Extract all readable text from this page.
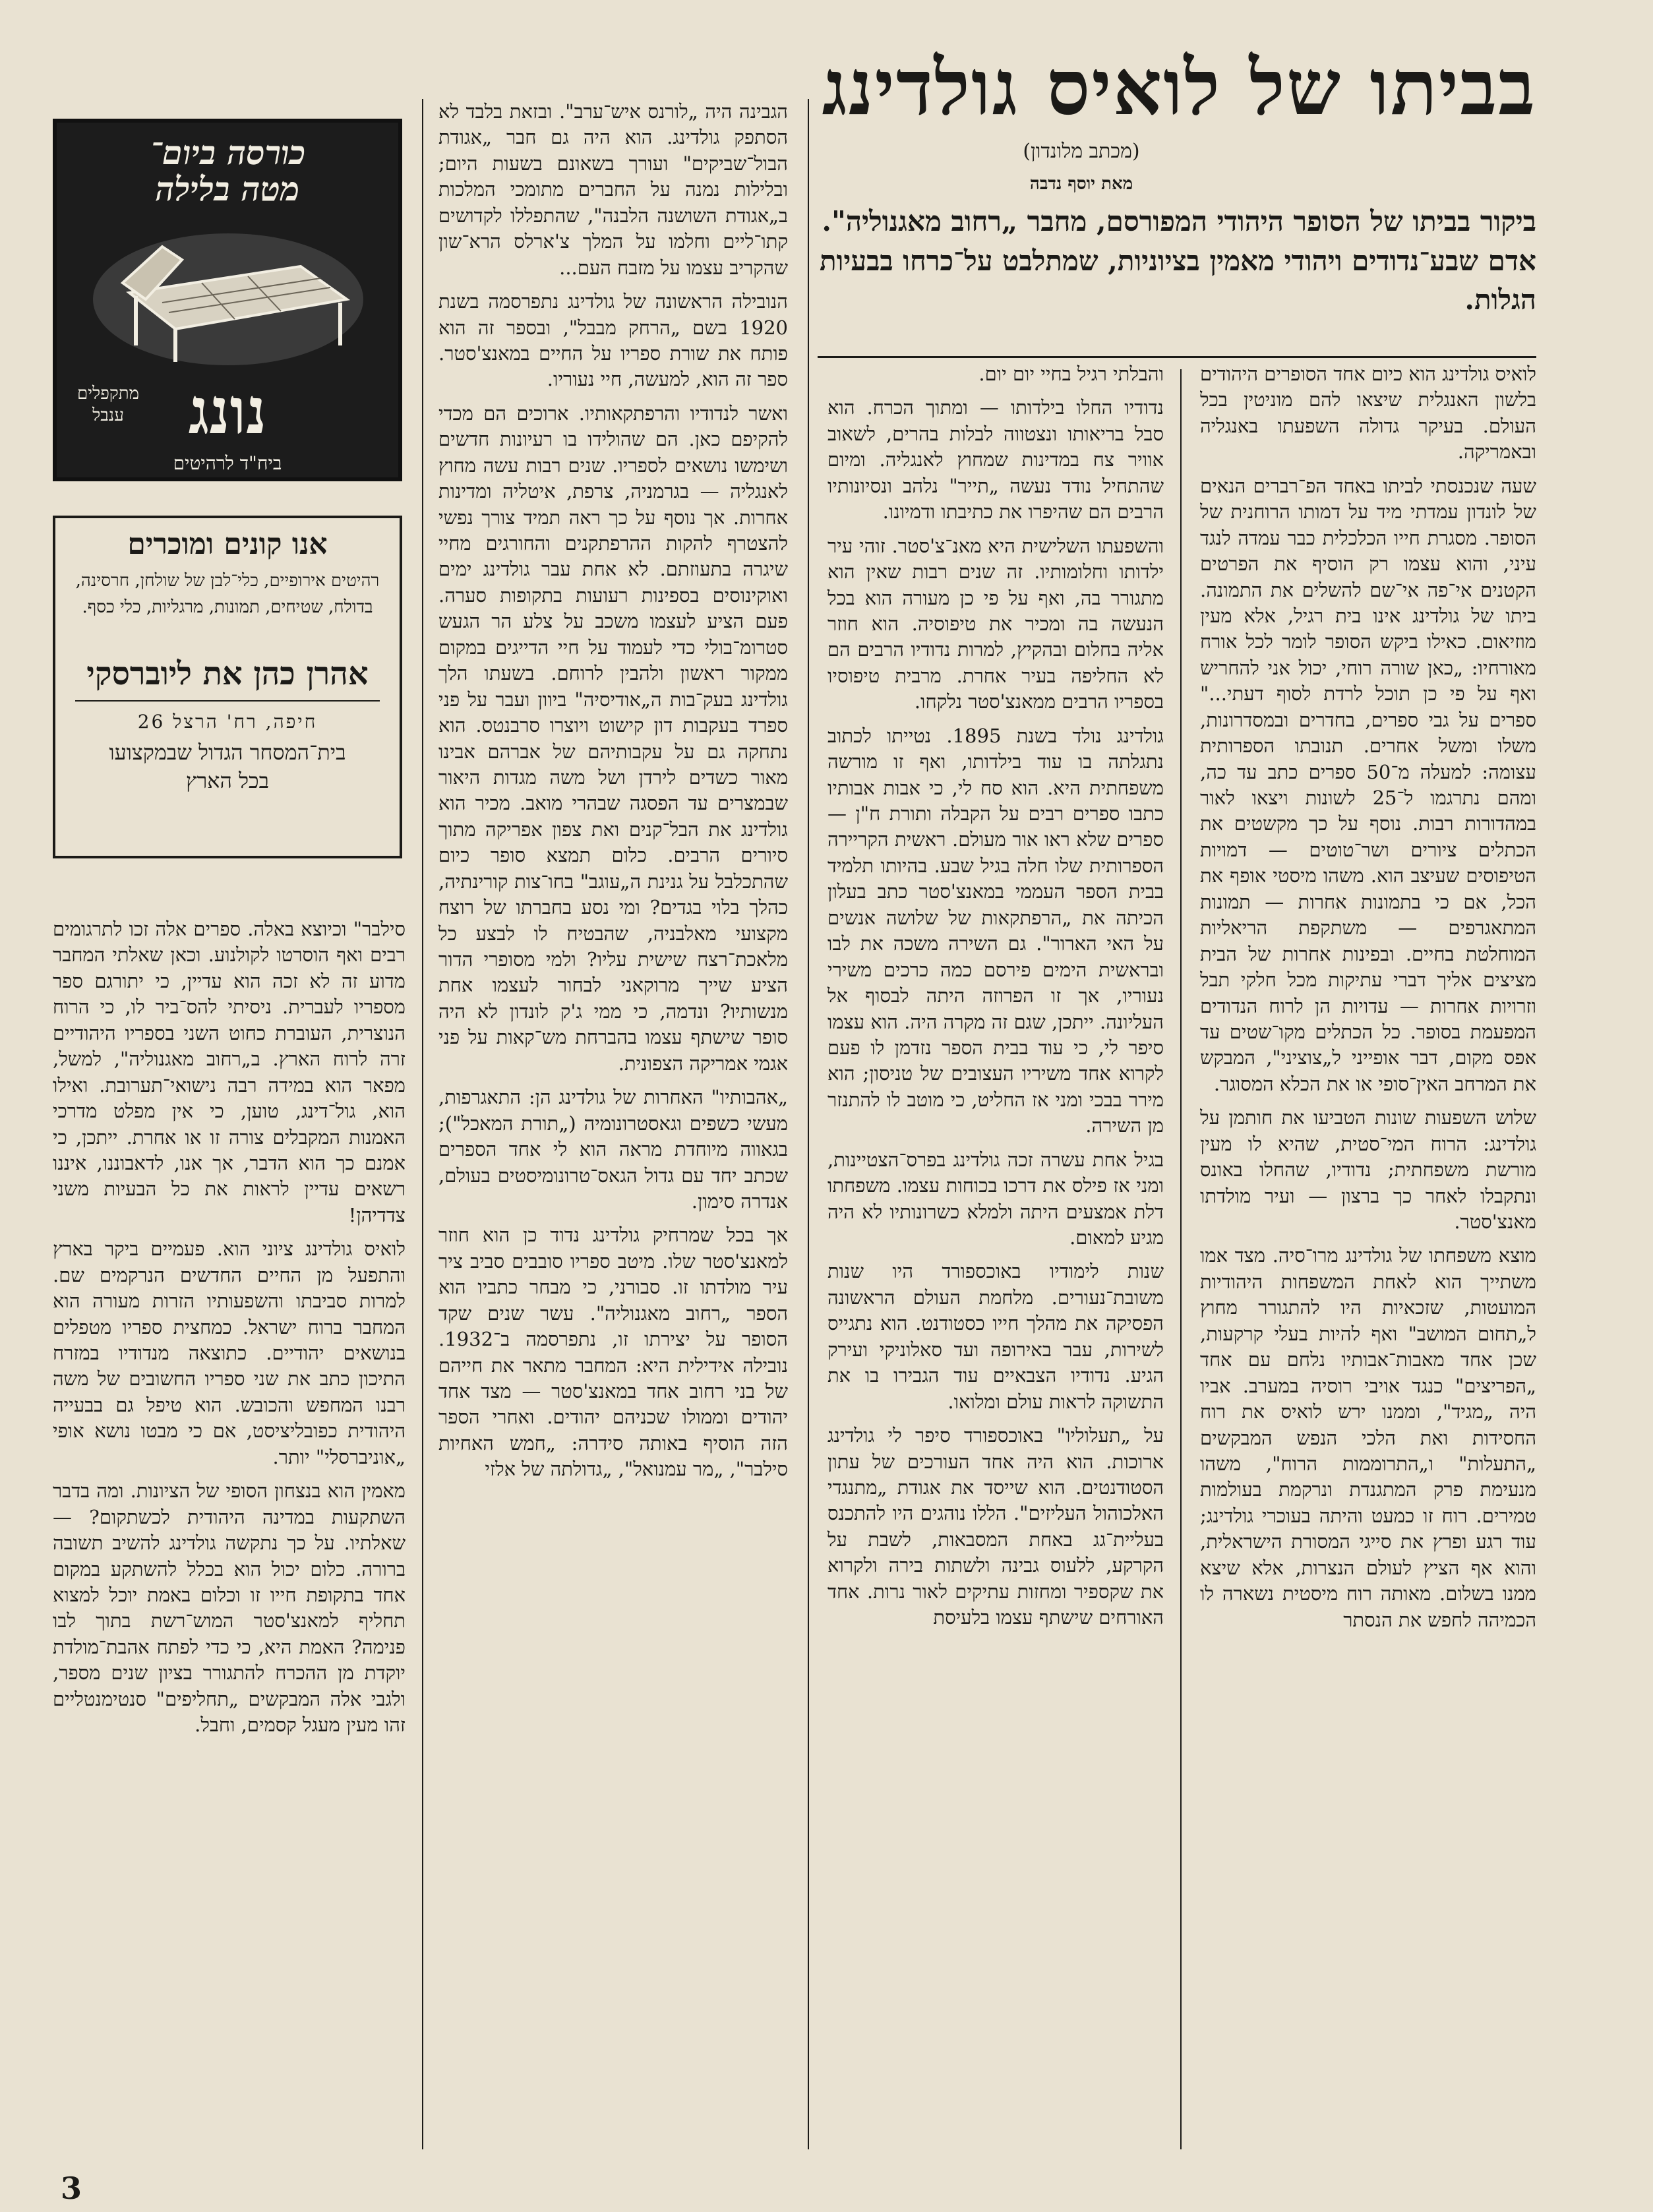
בביתו של לואיס גולדינג
(מכתב מלונדון)
מאת יוסף נדבה
ביקור בביתו של הסופר היהודי המפורסם, מחבר „רחוב מאגנוליה". אדם שבע־נדודים ויהודי מאמין בציוניות, שמתלבט על־כרחו בבעיות הגלות.

לואיס גולדינג הוא כיום אחד הסופרים היהודים בלשון האנגלית שיצאו להם מוניטין בכל העולם. בעיקר גדולה השפעתו באנגליה ובאמריקה.

שעה שנכנסתי לביתו באחד הפ־רברים הנאים של לונדון עמדתי מיד על דמותו הרוחנית של הסופר. מסגרת חייו הכלכלית כבר עמדה לנגד עיני, והוא עצמו רק הוסיף את הפרטים הקטנים אי־פה אי־שם להשלים את התמונה. ביתו של גולדינג אינו בית רגיל, אלא מעין מוזיאום. כאילו ביקש הסופר לומר לכל אורח מאורחיו: „כאן שורה רוחי, יכול אני להחריש ואף על פי כן תוכל לרדת לסוף דעתי..." ספרים על גבי ספרים, בחדרים ובמסדרונות, משלו ומשל אחרים. תנובתו הספרותית עצומה: למעלה מ־50 ספרים כתב עד כה, ומהם נתרגמו ל־25 לשונות ויצאו לאור במהדורות רבות. נוסף על כך מקשטים את הכתלים ציורים ושר־טוטים — דמויות הטיפוסים שעיצב הוא. משהו מיסטי אופף את הכל, אם כי בתמונות אחרות — תמונות המתאגרפים — משתקפת הריאליות המוחלטת בחיים. ובפינות אחרות של הבית מציצים אליך דברי עתיקות מכל חלקי תבל וזרויות אחרות — עדויות הן לרוח הנדודים המפעמת בסופר. כל הכתלים מקו־שטים עד אפס מקום, דבר אופייני ל„צוציני", המבקש את המרחב האין־סופי או את הכלא המסוגר.

שלוש השפעות שונות הטביעו את חותמן על גולדינג: הרוח המי־סטית, שהיא לו מעין מורשת משפחתית; נדודיו, שהחלו באונס ונתקבלו לאחר כך ברצון — ועיר מולדתו מאנצ'סטר.

מוצא משפחתו של גולדינג מרו־סיה. מצד אמו משתייך הוא לאחת המשפחות היהודיות המועטות, שזכאיות היו להתגורר מחוץ ל„תחום המושב" ואף להיות בעלי קרקעות, שכן אחד מאבות־אבותיו נלחם עם אחד „הפריצים" כנגד אויבי רוסיה במערב. אביו היה „מגיד", וממנו ירש לואיס את רוח החסידות ואת הלכי הנפש המבקשים „התעלות" ו„התרוממות הרוח", משהו מנעימת פרק המתגנדת ונרקמת בעולמות טמירים. רוח זו כמעט והיתה בעוכרי גולדינג; עוד רגע ופרץ את סייגי המסורת הישראלית, והוא אף הציץ לעולם הנצרות, אלא שיצא ממנו בשלום. מאותה רוח מיסטית נשארה לו הכמיהה לחפש את הנסתר

והבלתי רגיל בחיי יום יום.

נדודיו החלו בילדותו — ומתוך הכרח. הוא סבל בריאותו ונצטווה לבלות בהרים, לשאוב אוויר צח במדינות שמחוץ לאנגליה. ומיום שהתחיל נודד נעשה „תייר" נלהב ונסיונותיו הרבים הם שהיפרו את כתיבתו ודמיונו.

והשפעתו השלישית היא מאנ־צ'סטר. זוהי עיר ילדותו וחלומותיו. זה שנים רבות שאין הוא מתגורר בה, ואף על פי כן מעורה הוא בכל הנעשה בה ומכיר את טיפוסיה. הוא חוזר אליה בחלום ובהקיץ, למרות נדודיו הרבים הם לא החליפה בעיר אחרת. מרבית טיפוסיו בספריו הרבים ממאנצ'סטר נלקחו.

גולדינג נולד בשנת 1895. נטייתו לכתוב נתגלתה בו עוד בילדותו, ואף זו מורשה משפחתית היא. הוא סח לי, כי אבות אבותיו כתבו ספרים רבים על הקבלה ותורת ח"ן — ספרים שלא ראו אור מעולם. ראשית הקריירה הספרותית שלו חלה בגיל שבע. בהיותו תלמיד בבית הספר העממי במאנצ'סטר כתב בעלון הכיתה את „הרפתקאות של שלושה אנשים על האי הארור". גם השירה משכה את לבו ובראשית הימים פירסם כמה כרכים משירי נעוריו, אך זו הפרוזה היתה לבסוף אל העליונה. ייתכן, שגם זה מקרה היה. הוא עצמו סיפר לי, כי עוד בבית הספר נזדמן לו פעם לקרוא אחד משיריו העצובים של טניסון; הוא מירר בבכי ומני אז החליט, כי מוטב לו להתנזר מן השירה.

בגיל אחת עשרה זכה גולדינג בפרס־הצטיינות, ומני אז פילס את דרכו בכוחות עצמו. משפחתו דלת אמצעים היתה ולמלא כשרונותיו לא היה מגיע למאום.

שנות לימודיו באוכספורד היו שנות משובת־נעורים. מלחמת העולם הראשונה הפסיקה את מהלך חייו כסטודנט. הוא נתגייס לשירות, עבר באירופה ועד סאלוניקי ועירק הגיע. נדודיו הצבאיים עוד הגבירו בו את התשוקה לראות עולם ומלואו.

על „תעלוליו" באוכספורד סיפר לי גולדינג ארוכות. הוא היה אחד העורכים של עתון הסטודנטים. הוא שייסד את אגודת „מתנגדי האלכוהול העליזים". הללו נוהגים היו להתכנס בעליית־גג באחת המסבאות, לשבת על הקרקע, ללעוס גבינה ולשתות בירה ולקרוא את שקספיר ומחזות עתיקים לאור נרות. אחד האורחים שישתף עצמו בלעיסת

הגבינה היה „לורנס איש־ערב". ובזאת בלבד לא הסתפק גולדינג. הוא היה גם חבר „אגודת הבול־שביקים" ועורך בשאונם בשעות היום; ובלילות נמנה על החברים מתומכי המלכות ב„אגודת השושנה הלבנה", שהתפללו לקדושים קתו־ליים וחלמו על המלך צ'ארלס הרא־שון שהקריב עצמו על מזבח העם...

הנובילה הראשונה של גולדינג נתפרסמה בשנת 1920 בשם „הרחק מבבל", ובספר זה הוא פותח את שורת ספריו על החיים במאנצ'סטר. ספר זה הוא, למעשה, חיי נעוריו.

ואשר לנדודיו והרפתקאותיו. ארוכים הם מכדי להקיפם כאן. הם שהולידו בו רעיונות חדשים ושימשו נושאים לספריו. שנים רבות עשה מחוץ לאנגליה — בגרמניה, צרפת, איטליה ומדינות אחרות. אך נוסף על כך ראה תמיד צורך נפשי להצטרף להקות ההרפתקנים והחורגים מחיי שיגרה בתעוזתם. לא אחת עבר גולדינג ימים ואוקינוסים בספינות רעועות בתקופות סערה. פעם הציע לעצמו משכב על צלע הר הגעש סטרומ־בולי כדי לעמוד על חיי הדייגים במקום ממקור ראשון ולהבין לרוחם. בשעתו הלך גולדינג בעק־בות ה„אודיסיה" ביוון ועבר על פני ספרד בעקבות דון קישוט ויוצרו סרבנטס. הוא נתחקה גם על עקבותיהם של אברהם אבינו מאור כשדים לירדן ושל משה מגדות היאור שבמצרים עד הפסגה שבהרי מואב. מכיר הוא גולדינג את הבל־קנים ואת צפון אפריקה מתוך סיורים הרבים. כלום תמצא סופר כיום שהתכלבל על גנינת ה„עוגב" בחו־צות קורינתיה, כהלך בלוי בגדים? ומי נסע בחברתו של רוצח מקצועי מאלבניה, שהבטיח לו לבצע כל מלאכת־רצח שישית עליו? ולמי מסופרי הדור הציע שייך מרוקאני לבחור לעצמו אחת מנשותיו? ונדמה, כי ממי ג'ק לונדון לא היה סופר שישתף עצמו בהברחת מש־קאות על פני אגמי אמריקה הצפונית.

„אהבותיו" האחרות של גולדינג הן: התאגרפות, מעשי כשפים וגאסטרונומיה („תורת המאכל"); בגאווה מיוחדת מראה הוא לי אחד הספרים שכתב יחד עם גדול הגאס־טרונומיסטים בעולם, אנדרה סימון.

אך בכל שמרחיק גולדינג נדוד כן הוא חוזר למאנצ'סטר שלו. מיטב ספריו סובבים סביב ציר עיר מולדתו זו. סבורני, כי מבחר כתביו הוא הספר „רחוב מאגנוליה". עשר שנים שקד הסופר על יצירתו זו, נתפרסמה ב־1932. נובילה אידילית היא: המחבר מתאר את חייהם של בני רחוב אחד במאנצ'סטר — מצד אחד יהודים וממולו שכניהם יהודים. ואחרי הספר הזה הוסיף באותה סידרה: „חמש האחיות סילבר", „מר עמנואל", „גדולתה של אלזי

כורסה ביום־
מטה בלילה
מתקפלים
ענבל	נונג
ביח"ד לרהיטים
אנו קונים ומוכרים
רהיטים אירופיים, כלי־לבן של שולחן, חרסינה, בדולח, שטיחים, תמונות, מרגליות, כלי כסף.
אהרן כהן את ליוברסקי
חיפה, רח' הרצל 26
בית־המסחר הגדול שבמקצועו
בכל הארץ

סילבר" וכיוצא באלה. ספרים אלה זכו לתרגומים רבים ואף הוסרטו לקולנוע. וכאן שאלתי המחבר מדוע זה לא זכה הוא עדיין, כי יתורגם ספר מספריו לעברית. ניסיתי להס־ביר לו, כי הרוח הנוצרית, העוברת כחוט השני בספריו היהודיים זרה לרוח הארץ. ב„רחוב מאגנוליה", למשל, מפאר הוא במידה רבה נישואי־תערובת. ואילו הוא, גול־דינג, טוען, כי אין מפלט מדרכי האמנות המקבלים צורה זו או אחרת. ייתכן, כי אמנם כך הוא הדבר, אך אנו, לדאבוננו, איננו רשאים עדיין לראות את כל הבעיות משני צדדיהן!

לואיס גולדינג ציוני הוא. פעמיים ביקר בארץ והתפעל מן החיים החדשים הנרקמים שם. למרות סביבתו והשפעותיו הזרות מעורה הוא המחבר ברוח ישראל. כמחצית ספריו מטפלים בנושאים יהודיים. כתוצאה מנדודיו במזרח התיכון כתב את שני ספריו החשובים של משה רבנו המחפש והכובש. הוא טיפל גם בבעייה היהודית כפובליציסט, אם כי מבטו נושא אופי „אוניברסלי" יותר.

מאמין הוא בנצחון הסופי של הציונות. ומה בדבר השתקעות במדינה היהודית לכשתקום? — שאלתיו. על כך נתקשה גולדינג להשיב תשובה ברורה. כלום יכול הוא בכלל להשתקע במקום אחד בתקופת חייו זו וכלום באמת יוכל למצוא תחליף למאנצ'סטר המוש־רשת בתוך לבו פנימה? האמת היא, כי כדי לפתח אהבת־מולדת יוקדת מן ההכרח להתגורר בציון שנים מספר, ולגבי אלה המבקשים „תחליפים" סנטימנטליים זהו מעין מעגל קסמים, וחבל.

3
